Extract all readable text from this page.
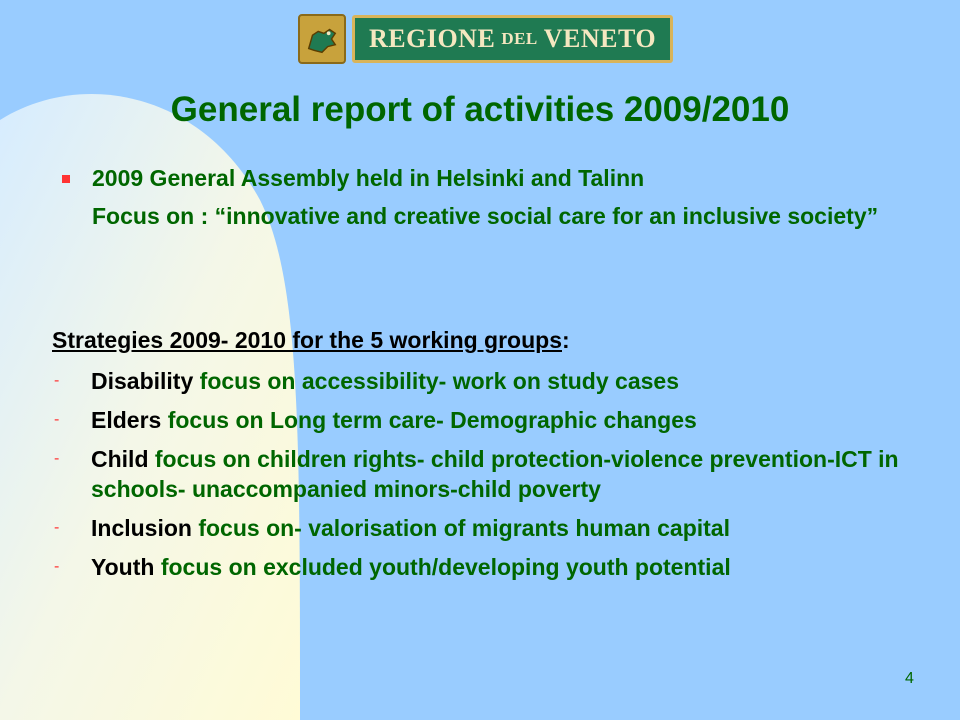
REGIONE DEL VENETO
General report of activities 2009/2010
2009 General Assembly held in Helsinki and Talinn
Focus on : “innovative and creative social care for an inclusive society”
Strategies 2009- 2010 for the 5 working groups:
- Disability focus on accessibility- work on study cases
- Elders focus on Long term care- Demographic changes
- Child focus on children rights- child protection-violence prevention-ICT in schools- unaccompanied minors-child poverty
- Inclusion focus on- valorisation of migrants human capital
- Youth focus on excluded youth/developing youth potential
4
